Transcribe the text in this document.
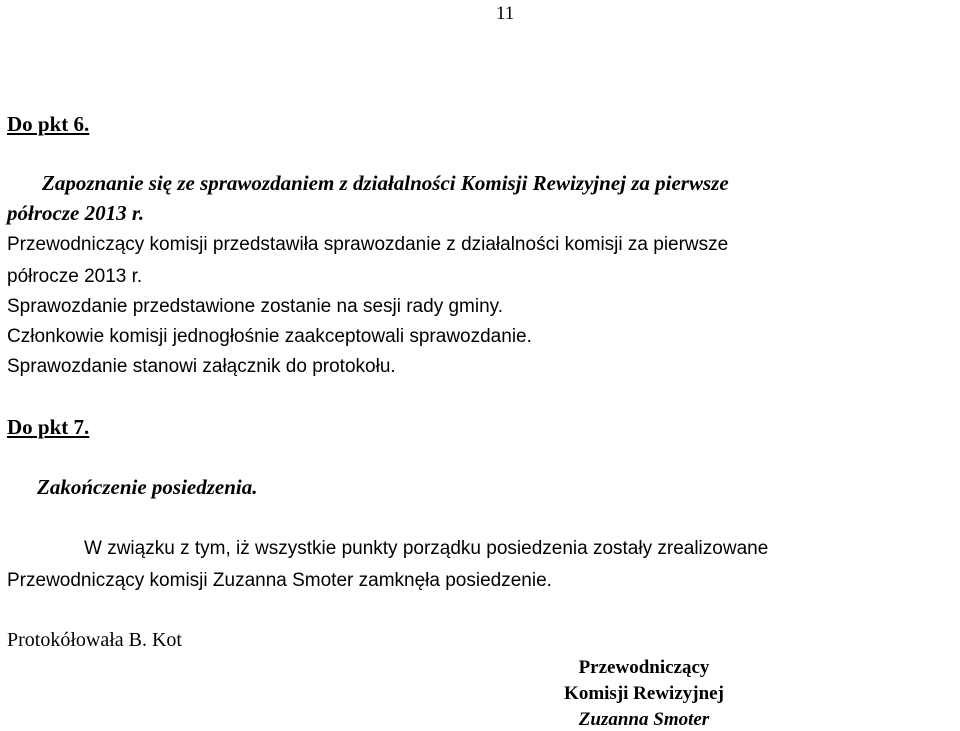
11
Do pkt 6.
Zapoznanie się ze sprawozdaniem z działalności Komisji Rewizyjnej za pierwsze
półrocze 2013 r.
Przewodniczący komisji przedstawiła sprawozdanie z działalności komisji za pierwsze
półrocze 2013 r.
Sprawozdanie przedstawione zostanie na sesji rady gminy.
Członkowie komisji jednogłośnie zaakceptowali sprawozdanie.
Sprawozdanie stanowi załącznik do protokołu.
Do pkt 7.
Zakończenie posiedzenia.
W związku z tym, iż wszystkie punkty porządku posiedzenia zostały zrealizowane
Przewodniczący komisji Zuzanna Smoter zamknęła posiedzenie.
Protokółowała B. Kot
Przewodniczący
Komisji Rewizyjnej
Zuzanna Smoter
